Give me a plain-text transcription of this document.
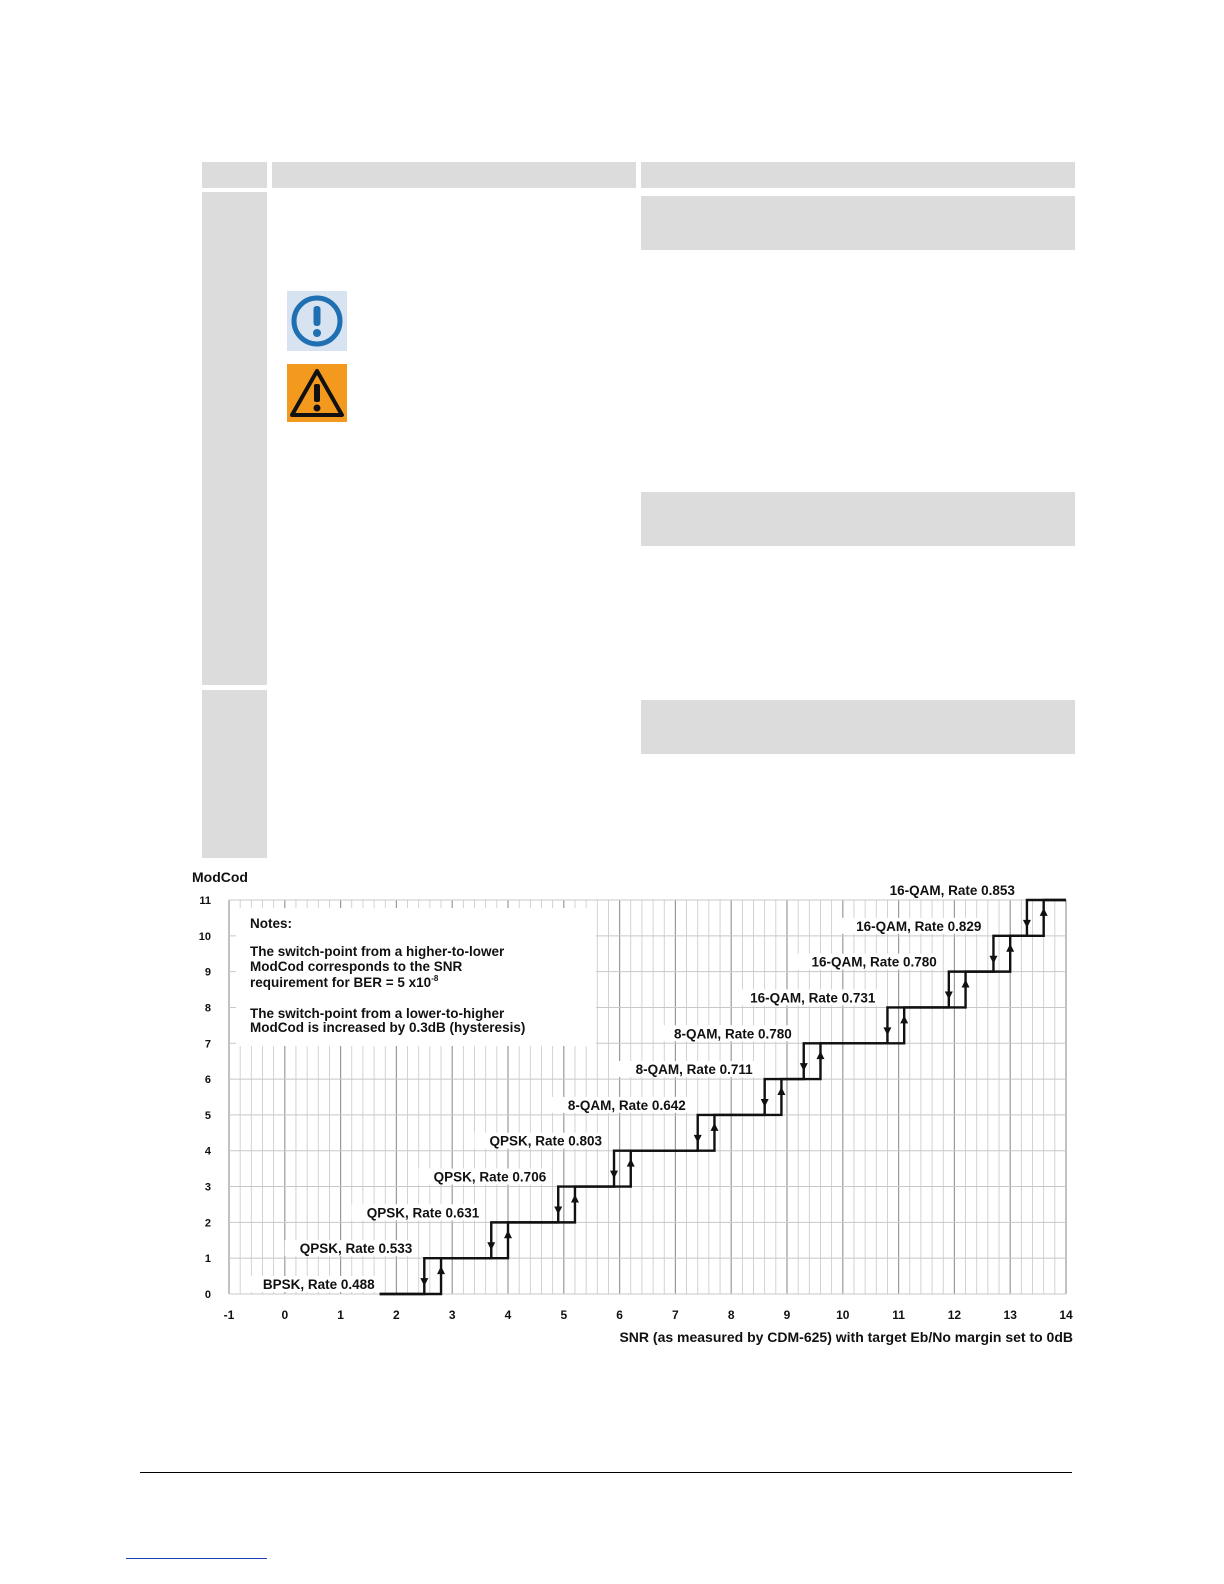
-1	0	1	2	3	4	5	6	7	8	9	10	11	12	13	14
0
1
2
3
4
5
6
7
8
9
10
11
BPSK, Rate 0.488
QPSK, Rate 0.533
QPSK, Rate 0.631
QPSK, Rate 0.706
QPSK, Rate 0.803
8-QAM, Rate 0.642
8-QAM, Rate 0.711
8-QAM, Rate 0.780
16-QAM, Rate 0.731
16-QAM, Rate 0.780
16-QAM, Rate 0.829
16-QAM, Rate 0.853
ModCod
SNR (as measured by CDM-625) with target Eb/No margin set to 0dB
Notes:
The switch-point from a higher-to-lower
ModCod corresponds to the SNR
requirement for BER = 5 $x10^{-8}$
The switch-point from a lower-to-higher
ModCod is increased by 0.3dB (hysteresis)
